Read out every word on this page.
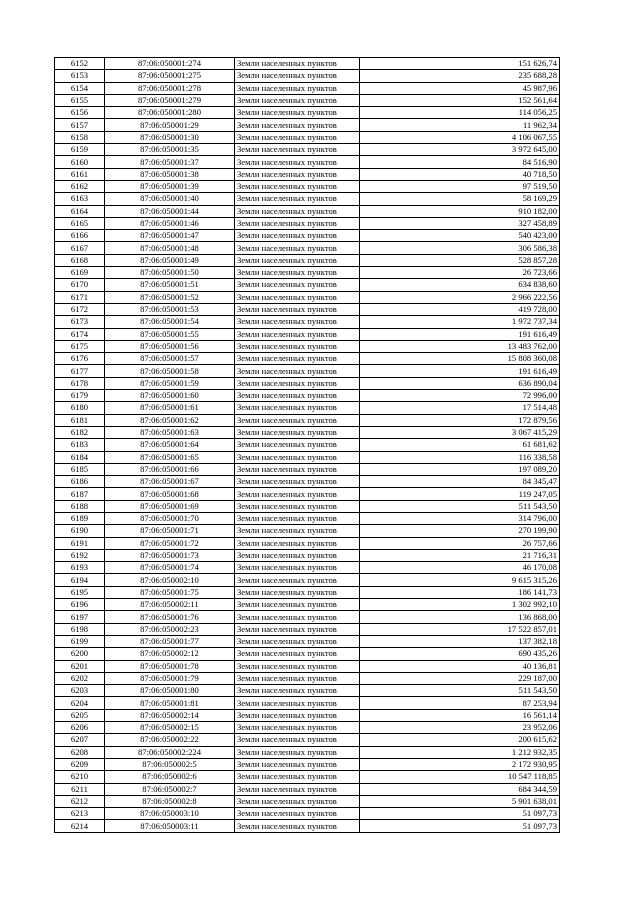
6152	87:06:050001:274	Земли населенных пунктов	151 626,74
6153	87:06:050001:275	Земли населенных пунктов	235 688,28
6154	87:06:050001:278	Земли населенных пунктов	45 987,96
6155	87:06:050001:279	Земли населенных пунктов	152 561,64
6156	87:06:050001:280	Земли населенных пунктов	114 056,25
6157	87:06:050001:29	Земли населенных пунктов	11 962,34
6158	87:06:050001:30	Земли населенных пунктов	4 106 067,55
6159	87:06:050001:35	Земли населенных пунктов	3 972 645,00
6160	87:06:050001:37	Земли населенных пунктов	84 516,90
6161	87:06:050001:38	Земли населенных пунктов	40 718,50
6162	87:06:050001:39	Земли населенных пунктов	97 519,50
6163	87:06:050001:40	Земли населенных пунктов	58 169,29
6164	87:06:050001:44	Земли населенных пунктов	910 182,00
6165	87:06:050001:46	Земли населенных пунктов	327 458,89
6166	87:06:050001:47	Земли населенных пунктов	540 423,00
6167	87:06:050001:48	Земли населенных пунктов	306 586,38
6168	87:06:050001:49	Земли населенных пунктов	528 857,28
6169	87:06:050001:50	Земли населенных пунктов	26 723,66
6170	87:06:050001:51	Земли населенных пунктов	634 838,60
6171	87:06:050001:52	Земли населенных пунктов	2 966 222,56
6172	87:06:050001:53	Земли населенных пунктов	419 728,00
6173	87:06:050001:54	Земли населенных пунктов	1 972 737,34
6174	87:06:050001:55	Земли населенных пунктов	191 616,49
6175	87:06:050001:56	Земли населенных пунктов	13 483 762,00
6176	87:06:050001:57	Земли населенных пунктов	15 808 360,08
6177	87:06:050001:58	Земли населенных пунктов	191 616,49
6178	87:06:050001:59	Земли населенных пунктов	636 890,04
6179	87:06:050001:60	Земли населенных пунктов	72 996,00
6180	87:06:050001:61	Земли населенных пунктов	17 514,48
6181	87:06:050001:62	Земли населенных пунктов	172 879,56
6182	87:06:050001:63	Земли населенных пунктов	3 067 415,29
6183	87:06:050001:64	Земли населенных пунктов	61 681,62
6184	87:06:050001:65	Земли населенных пунктов	116 338,58
6185	87:06:050001:66	Земли населенных пунктов	197 089,20
6186	87:06:050001:67	Земли населенных пунктов	84 345,47
6187	87:06:050001:68	Земли населенных пунктов	119 247,05
6188	87:06:050001:69	Земли населенных пунктов	511 543,50
6189	87:06:050001:70	Земли населенных пунктов	314 796,00
6190	87:06:050001:71	Земли населенных пунктов	270 199,90
6191	87:06:050001:72	Земли населенных пунктов	26 757,66
6192	87:06:050001:73	Земли населенных пунктов	21 716,31
6193	87:06:050001:74	Земли населенных пунктов	46 170,08
6194	87:06:050002:10	Земли населенных пунктов	9 615 315,26
6195	87:06:050001:75	Земли населенных пунктов	186 141,73
6196	87:06:050002:11	Земли населенных пунктов	1 302 992,10
6197	87:06:050001:76	Земли населенных пунктов	136 868,00
6198	87:06:050002:23	Земли населенных пунктов	17 522 857,01
6199	87:06:050001:77	Земли населенных пунктов	137 382,18
6200	87:06:050002:12	Земли населенных пунктов	690 435,26
6201	87:06:050001:78	Земли населенных пунктов	40 136,81
6202	87:06:050001:79	Земли населенных пунктов	229 187,00
6203	87:06:050001:80	Земли населенных пунктов	511 543,50
6204	87:06:050001:81	Земли населенных пунктов	87 253,94
6205	87:06:050002:14	Земли населенных пунктов	16 561,14
6206	87:06:050002:15	Земли населенных пунктов	23 952,06
6207	87:06:050002:22	Земли населенных пунктов	200 615,62
6208	87:06:050002:224	Земли населенных пунктов	1 212 932,35
6209	87:06:050002:5	Земли населенных пунктов	2 172 930,95
6210	87:06:050002:6	Земли населенных пунктов	10 547 118,85
6211	87:06:050002:7	Земли населенных пунктов	684 344,59
6212	87:06:050002:8	Земли населенных пунктов	5 901 638,01
6213	87:06:050003:10	Земли населенных пунктов	51 097,73
6214	87:06:050003:11	Земли населенных пунктов	51 097,73
